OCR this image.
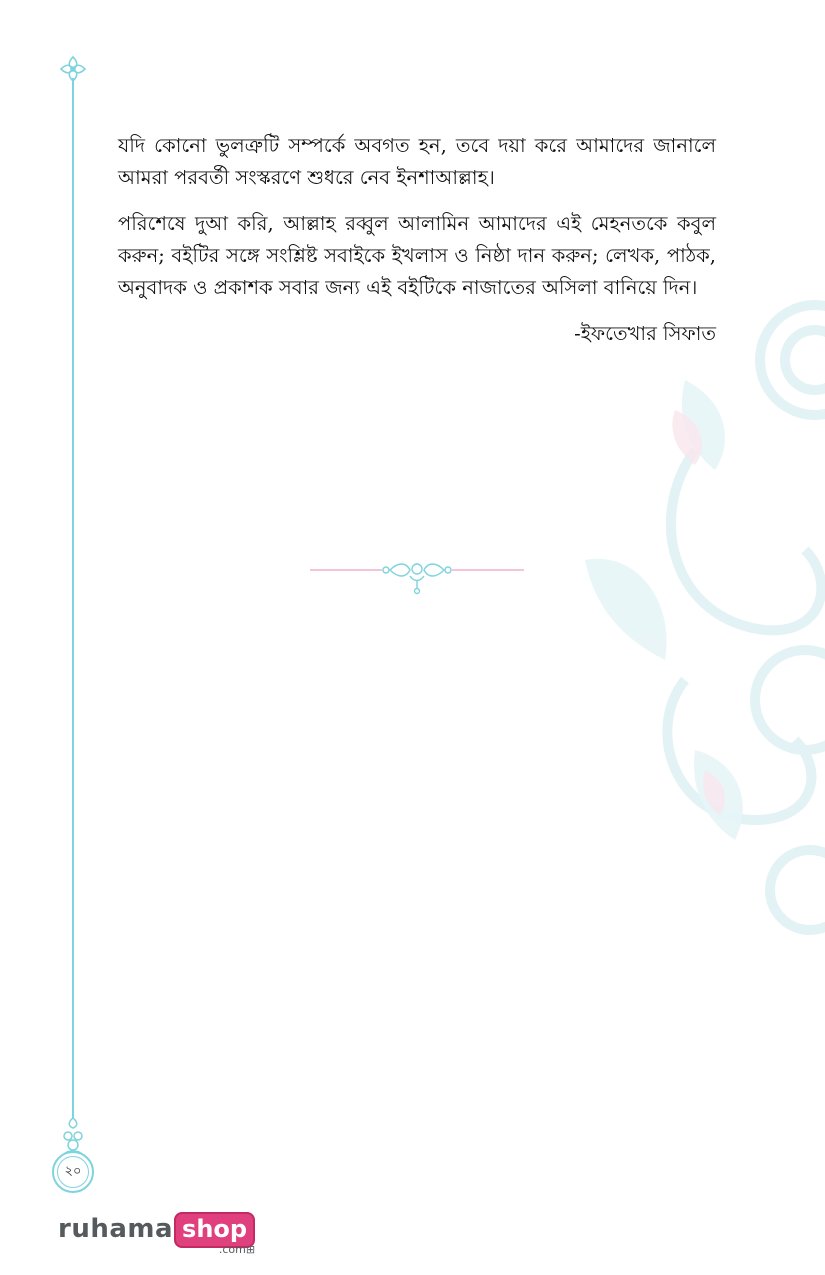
২০

যদি কোনো ভুলত্রুটি সম্পর্কে অবগত হন, তবে দয়া করে আমাদের জানালে আমরা পরবর্তী সংস্করণে শুধরে নেব ইনশাআল্লাহ।

পরিশেষে দুআ করি, আল্লাহ রব্বুল আলামিন আমাদের এই মেহনতকে কবুল করুন; বইটির সঙ্গে সংশ্লিষ্ট সবাইকে ইখলাস ও নিষ্ঠা দান করুন; লেখক, পাঠক, অনুবাদক ও প্রকাশক সবার জন্য এই বইটিকে নাজাতের অসিলা বানিয়ে দিন।

-ইফতেখার সিফাত
ruhama shop
.com⊞
